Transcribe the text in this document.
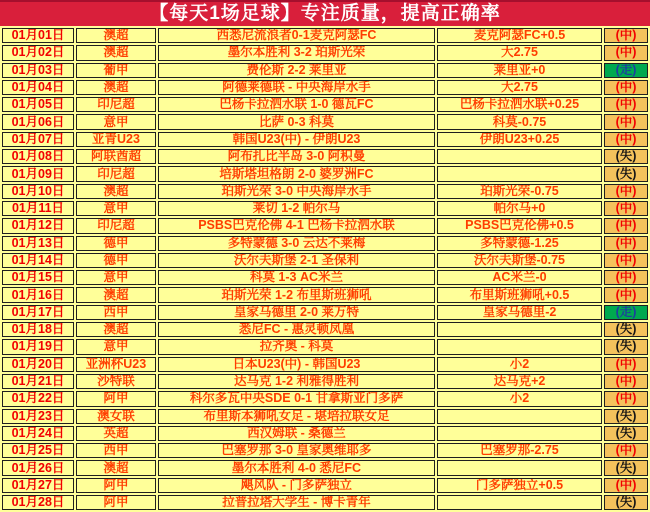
【每天1场足球】专注质量，提高正确率
01月01日	澳超	西悉尼流浪者0-1麦克阿瑟FC	麦克阿瑟FC+0.5	(中)
01月02日	澳超	墨尔本胜利 3-2 珀斯光荣	大2.75	(中)
01月03日	葡甲	费伦斯 2-2 莱里亚	莱里亚+0	(走)
01月04日	澳超	阿德莱德联 - 中央海岸水手	大2.75	(中)
01月05日	印尼超	巴杨卡拉泗水联 1-0 德瓦FC	巴杨卡拉泗水联+0.25	(中)
01月06日	意甲	比萨 0-3 科莫	科莫-0.75	(中)
01月07日	亚青U23	韩国U23(中) - 伊朗U23	伊朗U23+0.25	(中)
01月08日	阿联酋超	阿布扎比半岛 3-0 阿积曼		(失)
01月09日	印尼超	培斯塔坦格朗 2-0 婆罗洲FC		(失)
01月10日	澳超	珀斯光荣 3-0 中央海岸水手	珀斯光荣-0.75	(中)
01月11日	意甲	莱切 1-2 帕尔马	帕尔马+0	(中)
01月12日	印尼超	PSBS巴克伦佛 4-1 巴杨卡拉泗水联	PSBS巴克伦佛+0.5	(中)
01月13日	德甲	多特蒙德 3-0 云达不莱梅	多特蒙德-1.25	(中)
01月14日	德甲	沃尔夫斯堡 2-1 圣保利	沃尔夫斯堡-0.75	(中)
01月15日	意甲	科莫 1-3 AC米兰	AC米兰-0	(中)
01月16日	澳超	珀斯光荣 1-2 布里斯班狮吼	布里斯班狮吼+0.5	(中)
01月17日	西甲	皇家马德里 2-0 莱万特	皇家马德里-2	(走)
01月18日	澳超	悉尼FC - 惠灵顿凤凰		(失)
01月19日	意甲	拉齐奥 - 科莫		(失)
01月20日	亚洲杯U23	日本U23(中) - 韩国U23	小2	(中)
01月21日	沙特联	达马克 1-2 利雅得胜利	达马克+2	(中)
01月22日	阿甲	科尔多瓦中央SDE 0-1 甘拿斯亚门多萨	小2	(中)
01月23日	澳女联	布里斯本狮吼女足 - 堪培拉联女足		(失)
01月24日	英超	西汉姆联 - 桑德兰		(失)
01月25日	西甲	巴塞罗那 3-0 皇家奥维耶多	巴塞罗那-2.75	(中)
01月26日	澳超	墨尔本胜利 4-0 悉尼FC		(失)
01月27日	阿甲	飓风队 - 门多萨独立	门多萨独立+0.5	(中)
01月28日	阿甲	拉普拉塔大学生 - 博卡青年		(失)
